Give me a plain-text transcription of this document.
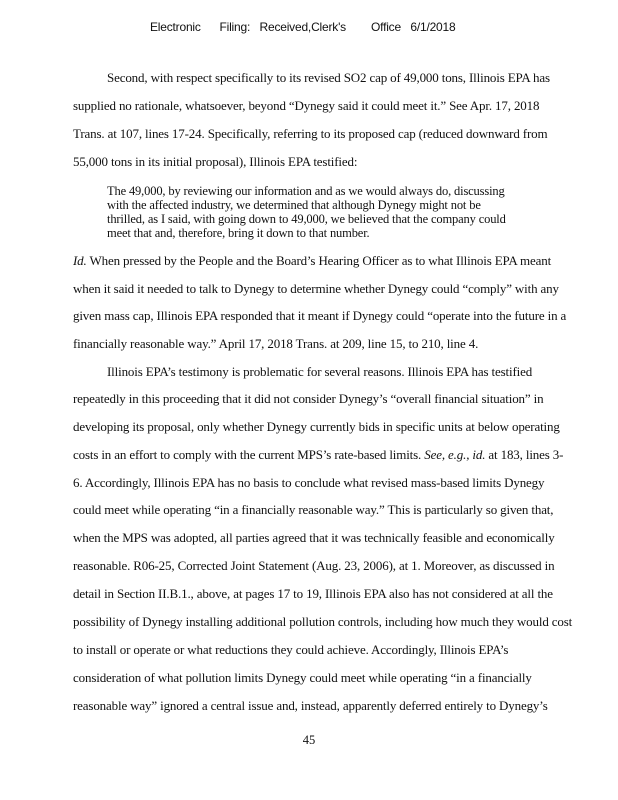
Electronic      Filing:   Received,Clerk's        Office   6/1/2018
Second, with respect specifically to its revised SO2 cap of 49,000 tons, Illinois EPA has
supplied no rationale, whatsoever, beyond “Dynegy said it could meet it.” See Apr. 17, 2018
Trans. at 107, lines 17-24. Specifically, referring to its proposed cap (reduced downward from
55,000 tons in its initial proposal), Illinois EPA testified:
The 49,000, by reviewing our information and as we would always do, discussing
with the affected industry, we determined that although Dynegy might not be
thrilled, as I said, with going down to 49,000, we believed that the company could
meet that and, therefore, bring it down to that number.
Id. When pressed by the People and the Board’s Hearing Officer as to what Illinois EPA meant
when it said it needed to talk to Dynegy to determine whether Dynegy could “comply” with any
given mass cap, Illinois EPA responded that it meant if Dynegy could “operate into the future in a
financially reasonable way.” April 17, 2018 Trans. at 209, line 15, to 210, line 4.
Illinois EPA’s testimony is problematic for several reasons. Illinois EPA has testified
repeatedly in this proceeding that it did not consider Dynegy’s “overall financial situation” in
developing its proposal, only whether Dynegy currently bids in specific units at below operating
costs in an effort to comply with the current MPS’s rate-based limits. See, e.g., id. at 183, lines 3-
6. Accordingly, Illinois EPA has no basis to conclude what revised mass-based limits Dynegy
could meet while operating “in a financially reasonable way.” This is particularly so given that,
when the MPS was adopted, all parties agreed that it was technically feasible and economically
reasonable. R06-25, Corrected Joint Statement (Aug. 23, 2006), at 1. Moreover, as discussed in
detail in Section II.B.1., above, at pages 17 to 19, Illinois EPA also has not considered at all the
possibility of Dynegy installing additional pollution controls, including how much they would cost
to install or operate or what reductions they could achieve. Accordingly, Illinois EPA’s
consideration of what pollution limits Dynegy could meet while operating “in a financially
reasonable way” ignored a central issue and, instead, apparently deferred entirely to Dynegy’s
45
